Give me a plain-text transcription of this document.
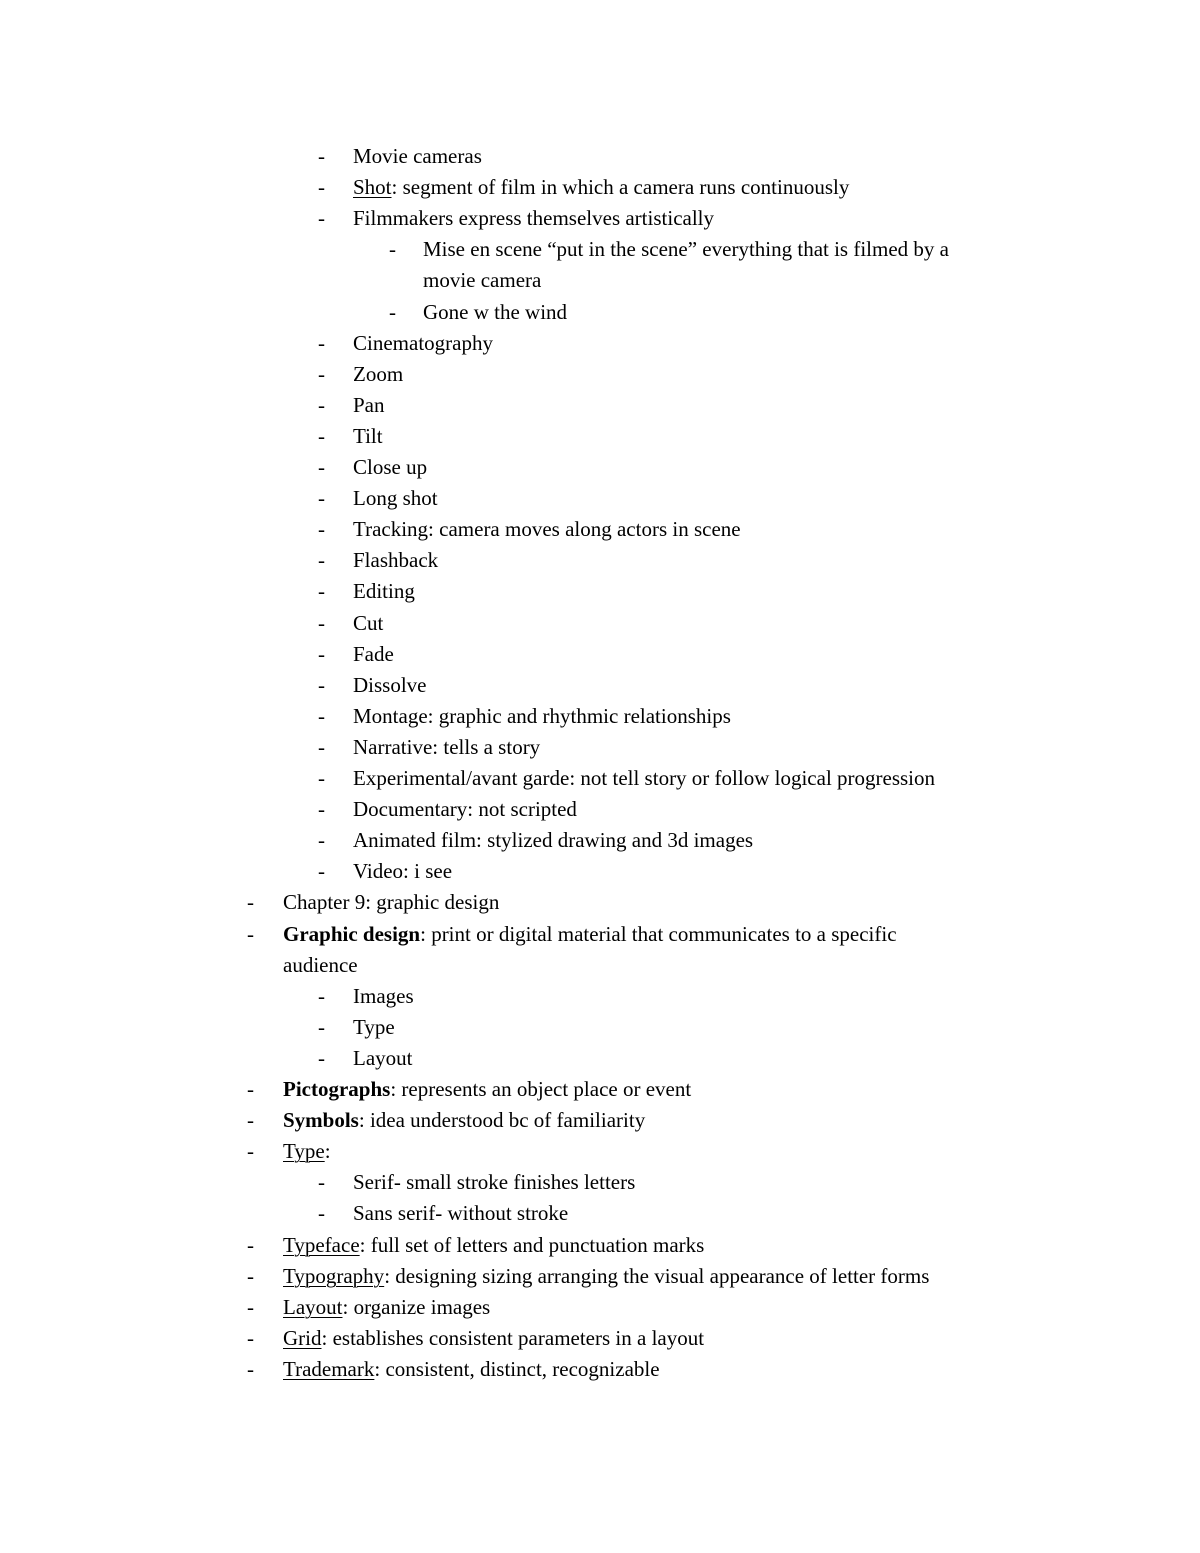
- Movie cameras
- Shot: segment of film in which a camera runs continuously
- Filmmakers express themselves artistically
- Mise en scene “put in the scene” everything that is filmed by a
movie camera
- Gone w the wind
- Cinematography
- Zoom
- Pan
- Tilt
- Close up
- Long shot
- Tracking: camera moves along actors in scene
- Flashback
- Editing
- Cut
- Fade
- Dissolve
- Montage: graphic and rhythmic relationships
- Narrative: tells a story
- Experimental/avant garde: not tell story or follow logical progression
- Documentary: not scripted
- Animated film: stylized drawing and 3d images
- Video: i see
- Chapter 9: graphic design
- Graphic design: print or digital material that communicates to a specific
audience
- Images
- Type
- Layout
- Pictographs: represents an object place or event
- Symbols: idea understood bc of familiarity
- Type:
- Serif- small stroke finishes letters
- Sans serif- without stroke
- Typeface: full set of letters and punctuation marks
- Typography: designing sizing arranging the visual appearance of letter forms
- Layout: organize images
- Grid: establishes consistent parameters in a layout
- Trademark: consistent, distinct, recognizable
